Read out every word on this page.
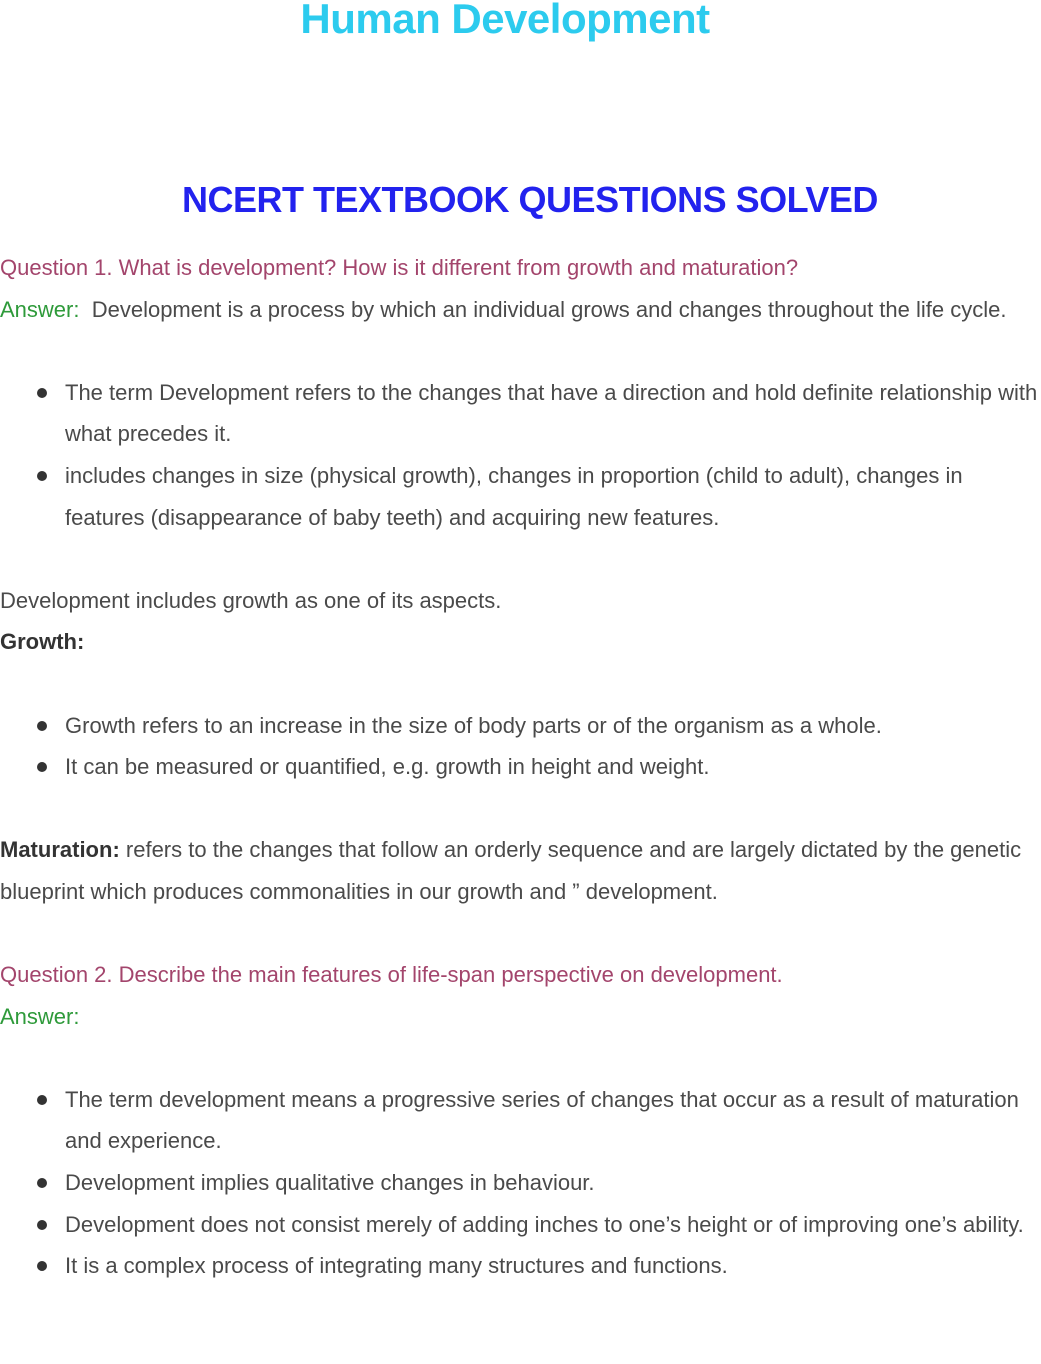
Human Development
NCERT TEXTBOOK QUESTIONS SOLVED

Question 1. What is development? How is it different from growth and maturation?

Answer: Development is a process by which an individual grows and changes throughout the life cycle.

The term Development refers to the changes that have a direction and hold definite relationship with what precedes it.
includes changes in size (physical growth), changes in proportion (child to adult), changes in features (disappearance of baby teeth) and acquiring new features.

Development includes growth as one of its aspects.

Growth:

Growth refers to an increase in the size of body parts or of the organism as a whole.
It can be measured or quantified, e.g. growth in height and weight.

Maturation: refers to the changes that follow an orderly sequence and are largely dictated by the genetic blueprint which produces commonalities in our growth and ” development.

Question 2. Describe the main features of life-span perspective on development.

Answer:

The term development means a progressive series of changes that occur as a result of maturation and experience.
Development implies qualitative changes in behaviour.
Development does not consist merely of adding inches to one’s height or of improving one’s ability.
It is a complex process of integrating many structures and functions.
